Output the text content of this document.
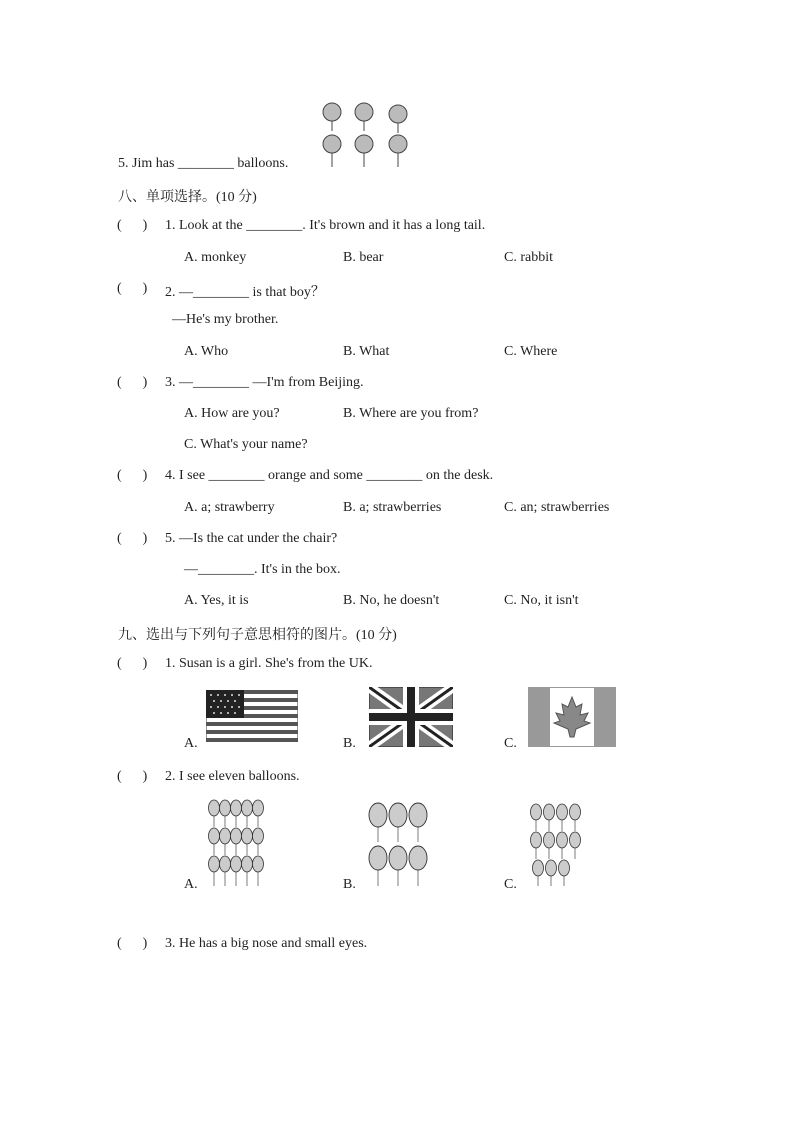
5. Jim has ________ balloons.
八、单项选择。(10 分)
(      ) 1. Look at the ________. It's brown and it has a long tail.
A. monkey	B. bear	C. rabbit
(      ) 2. —________ is that boy？
—He's my brother.
A. Who	B. What	C. Where
(      ) 3. —________ —I'm from Beijing.
A. How are you?	B. Where are you from?
C. What's your name?
(      ) 4. I see ________ orange and some ________ on the desk.
A. a; strawberry	B. a; strawberries	C. an; strawberries
(      ) 5. —Is the cat under the chair?
—________. It's in the box.
A. Yes, it is	B. No, he doesn't	C. No, it isn't
九、选出与下列句子意思相符的图片。(10 分)
(      ) 1. Susan is a girl. She's from the UK.
A.	B.	C.
(      ) 2. I see eleven balloons.
A.	B.	C.
(      ) 3. He has a big nose and small eyes.
